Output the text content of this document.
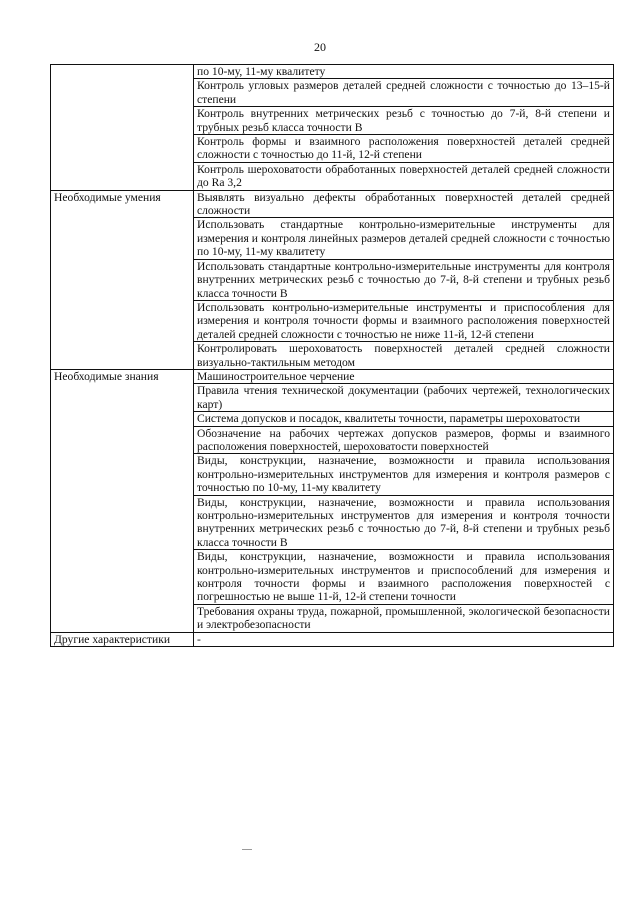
20
	по 10-му, 11-му квалитету
	Контроль угловых размеров деталей средней сложности с точностью до 13–15-й степени
	Контроль внутренних метрических резьб с точностью до 7-й, 8-й степени и трубных резьб класса точности В
	Контроль формы и взаимного расположения поверхностей деталей средней сложности с точностью до 11-й, 12-й степени
	Контроль шероховатости обработанных поверхностей деталей средней сложности до Ra 3,2
Необходимые умения	Выявлять визуально дефекты обработанных поверхностей деталей средней сложности
	Использовать стандартные контрольно-измерительные инструменты для измерения и контроля линейных размеров деталей средней сложности с точностью по 10-му, 11-му квалитету
	Использовать стандартные контрольно-измерительные инструменты для контроля внутренних метрических резьб с точностью до 7-й, 8-й степени и трубных резьб класса точности В
	Использовать контрольно-измерительные инструменты и приспособления для измерения и контроля точности формы и взаимного расположения поверхностей деталей средней сложности с точностью не ниже 11-й, 12-й степени
	Контролировать шероховатость поверхностей деталей средней сложности визуально-тактильным методом
Необходимые знания	Машиностроительное черчение
	Правила чтения технической документации (рабочих чертежей, технологических карт)
	Система допусков и посадок, квалитеты точности, параметры шероховатости
	Обозначение на рабочих чертежах допусков размеров, формы и взаимного расположения поверхностей, шероховатости поверхностей
	Виды, конструкции, назначение, возможности и правила использования контрольно-измерительных инструментов для измерения и контроля размеров с точностью по 10-му, 11-му квалитету
	Виды, конструкции, назначение, возможности и правила использования контрольно-измерительных инструментов для измерения и контроля точности внутренних метрических резьб с точностью до 7-й, 8-й степени и трубных резьб класса точности В
	Виды, конструкции, назначение, возможности и правила использования контрольно-измерительных инструментов и приспособлений для измерения и контроля точности формы и взаимного расположения поверхностей с погрешностью не выше 11-й, 12-й степени точности
	Требования охраны труда, пожарной, промышленной, экологической безопасности и электробезопасности
Другие характеристики	-
